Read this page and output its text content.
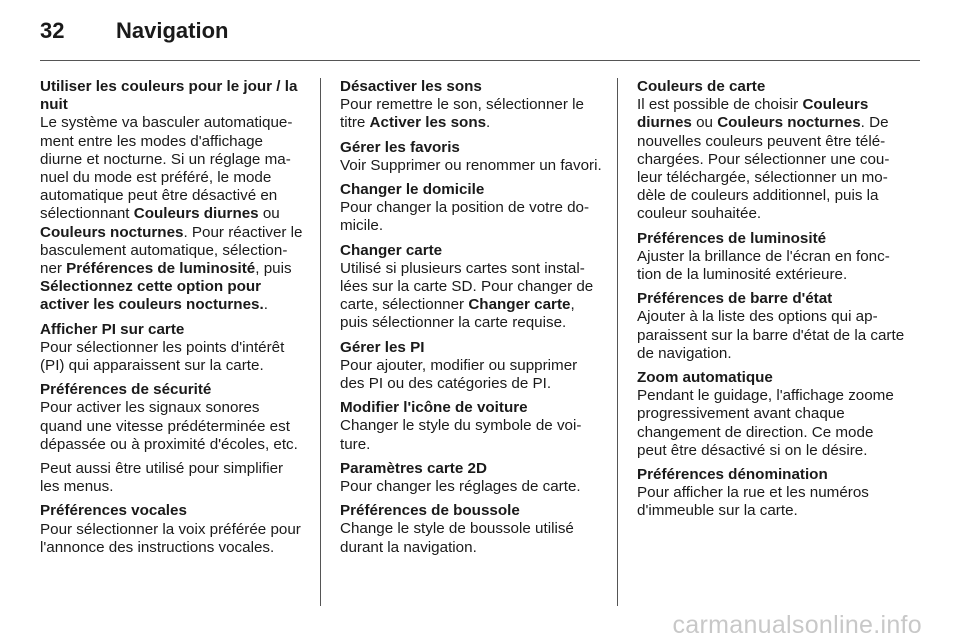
32	Navigation
Utiliser les couleurs pour le jour / la nuit
Le système va basculer automatiquement entre les modes d'affichage diurne et nocturne. Si un réglage manuel du mode est préféré, le mode automatique peut être désactivé en sélectionnant Couleurs diurnes ou Couleurs nocturnes. Pour réactiver le basculement automatique, sélectionner Préférences de luminosité, puis Sélectionnez cette option pour activer les couleurs nocturnes..
Afficher PI sur carte
Pour sélectionner les points d'intérêt (PI) qui apparaissent sur la carte.
Préférences de sécurité
Pour activer les signaux sonores quand une vitesse prédéterminée est dépassée ou à proximité d'écoles, etc.
Peut aussi être utilisé pour simplifier les menus.
Préférences vocales
Pour sélectionner la voix préférée pour l'annonce des instructions vocales.
Désactiver les sons
Pour remettre le son, sélectionner le titre Activer les sons.
Gérer les favoris
Voir Supprimer ou renommer un favori.
Changer le domicile
Pour changer la position de votre domicile.
Changer carte
Utilisé si plusieurs cartes sont installées sur la carte SD. Pour changer de carte, sélectionner Changer carte, puis sélectionner la carte requise.
Gérer les PI
Pour ajouter, modifier ou supprimer des PI ou des catégories de PI.
Modifier l'icône de voiture
Changer le style du symbole de voiture.
Paramètres carte 2D
Pour changer les réglages de carte.
Préférences de boussole
Change le style de boussole utilisé durant la navigation.
Couleurs de carte
Il est possible de choisir Couleurs diurnes ou Couleurs nocturnes. De nouvelles couleurs peuvent être téléchargées. Pour sélectionner une couleur téléchargée, sélectionner un modèle de couleurs additionnel, puis la couleur souhaitée.
Préférences de luminosité
Ajuster la brillance de l'écran en fonction de la luminosité extérieure.
Préférences de barre d'état
Ajouter à la liste des options qui apparaissent sur la barre d'état de la carte de navigation.
Zoom automatique
Pendant le guidage, l'affichage zoome progressivement avant chaque changement de direction. Ce mode peut être désactivé si on le désire.
Préférences dénomination
Pour afficher la rue et les numéros d'immeuble sur la carte.
carmanualsonline.info
